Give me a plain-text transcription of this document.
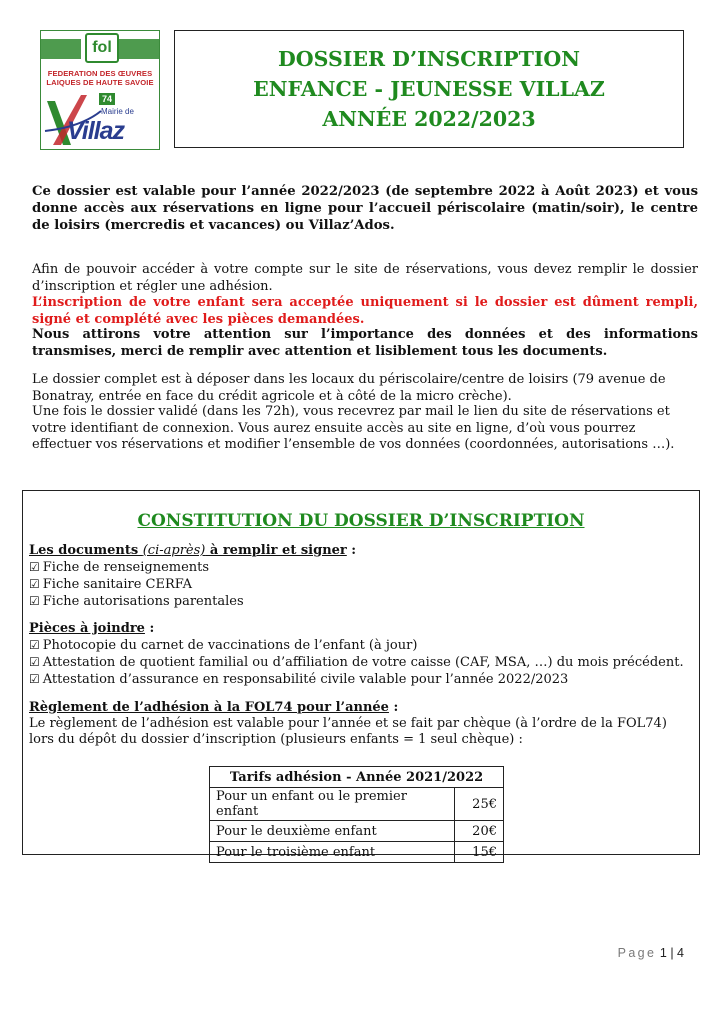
fol
FEDERATION DES ŒUVRES
LAIQUES DE HAUTE SAVOIE
74
Mairie de
Villaz
DOSSIER D’INSCRIPTION
ENFANCE - JEUNESSE VILLAZ
ANNÉE 2022/2023
Ce dossier est valable pour l’année 2022/2023 (de septembre 2022 à Août 2023) et vous donne accès aux réservations en ligne pour l’accueil périscolaire (matin/soir), le centre de loisirs (mercredis et vacances) ou Villaz’Ados.
Afin de pouvoir accéder à votre compte sur le site de réservations, vous devez remplir le dossier d’inscription et régler une adhésion.
L’inscription de votre enfant sera acceptée uniquement si le dossier est dûment rempli, signé et complété avec les pièces demandées.
Nous attirons votre attention sur l’importance des données et des informations transmises, merci de remplir avec attention et lisiblement tous les documents.
Le dossier complet est à déposer dans les locaux du périscolaire/centre de loisirs (79 avenue de Bonatray, entrée en face du crédit agricole et à côté de la micro crèche).
Une fois le dossier validé (dans les 72h), vous recevrez par mail le lien du site de réservations et votre identifiant de connexion. Vous aurez ensuite accès au site en ligne, d’où vous pourrez effectuer vos réservations et modifier l’ensemble de vos données (coordonnées, autorisations …).
CONSTITUTION DU DOSSIER D’INSCRIPTION
Les documents (ci-après) à remplir et signer :
☑ Fiche de renseignements
☑ Fiche sanitaire CERFA
☑ Fiche autorisations parentales
Pièces à joindre :
☑ Photocopie du carnet de vaccinations de l’enfant (à jour)
☑ Attestation de quotient familial ou d’affiliation de votre caisse (CAF, MSA, …) du mois précédent.
☑ Attestation d’assurance en responsabilité civile valable pour l’année 2022/2023
Règlement de l’adhésion à la FOL74 pour l’année :
Le règlement de l’adhésion est valable pour l’année et se fait par chèque (à l’ordre de la FOL74) lors du dépôt du dossier d’inscription (plusieurs enfants = 1 seul chèque) :
Tarifs adhésion - Année 2021/2022	
Pour un enfant ou le premier enfant	25€
Pour le deuxième enfant	20€
Pour le troisième enfant	15€
Page 1 | 4
